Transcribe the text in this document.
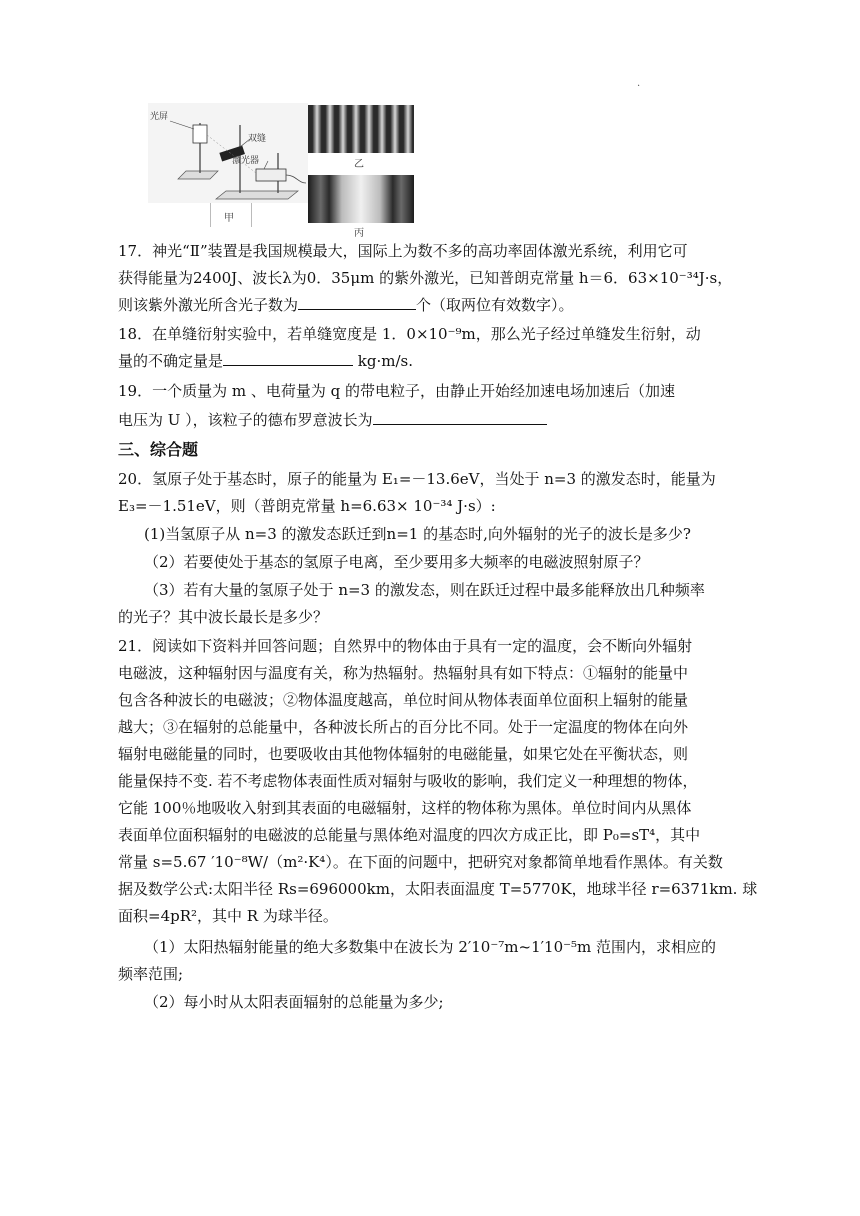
.
光屏
双缝
激光器
甲
乙
丙
17．神光“Ⅱ”装置是我国规模最大，国际上为数不多的高功率固体激光系统，利用它可
获得能量为2400J、波长λ为0．35μm 的紫外激光，已知普朗克常量 h＝6．63×10⁻³⁴J·s，
则该紫外激光所含光子数为	个（取两位有效数字）。
18．在单缝衍射实验中，若单缝宽度是 1．0×10⁻⁹m，那么光子经过单缝发生衍射，动
量的不确定量是	kg·m/s.
19．一个质量为 m 、电荷量为 q 的带电粒子，由静止开始经加速电场加速后（加速
电压为 U ），该粒子的德布罗意波长为
三、综合题
20．氢原子处于基态时，原子的能量为 E₁=－13.6eV，当处于 n=3 的激发态时，能量为
E₃=－1.51eV，则（普朗克常量 h=6.63× 10⁻³⁴ J·s）:
(1)当氢原子从 n=3 的激发态跃迁到n=1 的基态时,向外辐射的光子的波长是多少?
（2）若要使处于基态的氢原子电离，至少要用多大频率的电磁波照射原子？
（3）若有大量的氢原子处于 n=3 的激发态，则在跃迁过程中最多能释放出几种频率
的光子？其中波长最长是多少？
21．阅读如下资料并回答问题；自然界中的物体由于具有一定的温度，会不断向外辐射
电磁波，这种辐射因与温度有关，称为热辐射。热辐射具有如下特点：①辐射的能量中
包含各种波长的电磁波；②物体温度越高，单位时间从物体表面单位面积上辐射的能量
越大；③在辐射的总能量中，各种波长所占的百分比不同。处于一定温度的物体在向外
辐射电磁能量的同时，也要吸收由其他物体辐射的电磁能量，如果它处在平衡状态，则
能量保持不变. 若不考虑物体表面性质对辐射与吸收的影响，我们定义一种理想的物体，
它能 100％地吸收入射到其表面的电磁辐射，这样的物体称为黑体。单位时间内从黑体
表面单位面积辐射的电磁波的总能量与黑体绝对温度的四次方成正比，即 P₀=sT⁴，其中
常量 s=5.67 ′10⁻⁸W/（m²·K⁴）。在下面的问题中，把研究对象都简单地看作黑体。有关数
据及数学公式:太阳半径 Rs=696000km，太阳表面温度 T=5770K，地球半径 r=6371km. 球
面积=4pR²，其中 R 为球半径。
（1）太阳热辐射能量的绝大多数集中在波长为 2′10⁻⁷m~1′10⁻⁵m 范围内，求相应的
频率范围;
（2）每小时从太阳表面辐射的总能量为多少;
